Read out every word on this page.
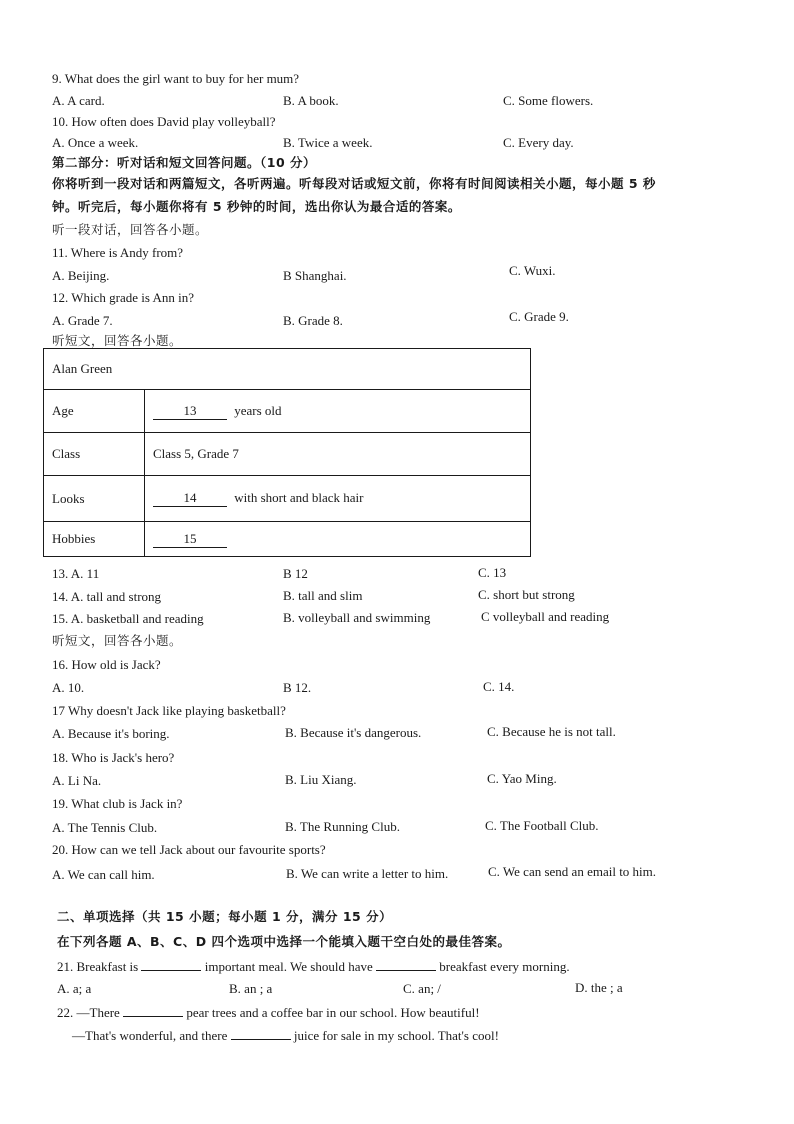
9. What does the girl want to buy for her mum?
A. A card.	B. A book.	C. Some flowers.
10. How often does David play volleyball?
A. Once a week.	B. Twice a week.	C. Every day.
第二部分：听对话和短文回答问题。（10 分）
你将听到一段对话和两篇短文，各听两遍。听每段对话或短文前，你将有时间阅读相关小题，每小题 5 秒
钟。听完后，每小题你将有 5 秒钟的时间，选出你认为最合适的答案。
听一段对话，回答各小题。
11. Where is Andy from?
A. Beijing.	B Shanghai.	C. Wuxi.
12. Which grade is Ann in?
A. Grade 7.	B. Grade 8.	C. Grade 9.
听短文，回答各小题。
Alan Green	
Age	13 years old
Class	Class 5, Grade 7
Looks	14 with short and black hair
Hobbies	15
13. A. 11	B 12	C. 13
14. A. tall and strong	B. tall and slim	C. short but strong
15. A. basketball and reading	B. volleyball and swimming	C volleyball and reading
听短文，回答各小题。
16. How old is Jack?
A. 10.	B 12.	C. 14.
17 Why doesn't Jack like playing basketball?
A. Because it's boring.	B. Because it's dangerous.	C. Because he is not tall.
18. Who is Jack's hero?
A. Li Na.	B. Liu Xiang.	C. Yao Ming.
19. What club is Jack in?
A. The Tennis Club.	B. The Running Club.	C. The Football Club.
20. How can we tell Jack about our favourite sports?
A. We can call him.	B. We can write a letter to him.	C. We can send an email to him.
二、单项选择（共 15 小题；每小题 1 分，满分 15 分）
在下列各题 A、B、C、D 四个选项中选择一个能填入题干空白处的最佳答案。
21. Breakfast is	important meal. We should have	breakfast every morning.
A. a; a	B. an ; a	C. an; /	D. the ; a
22. —There	pear trees and a coffee bar in our school. How beautiful!
—That's wonderful, and there	juice for sale in my school. That's cool!
